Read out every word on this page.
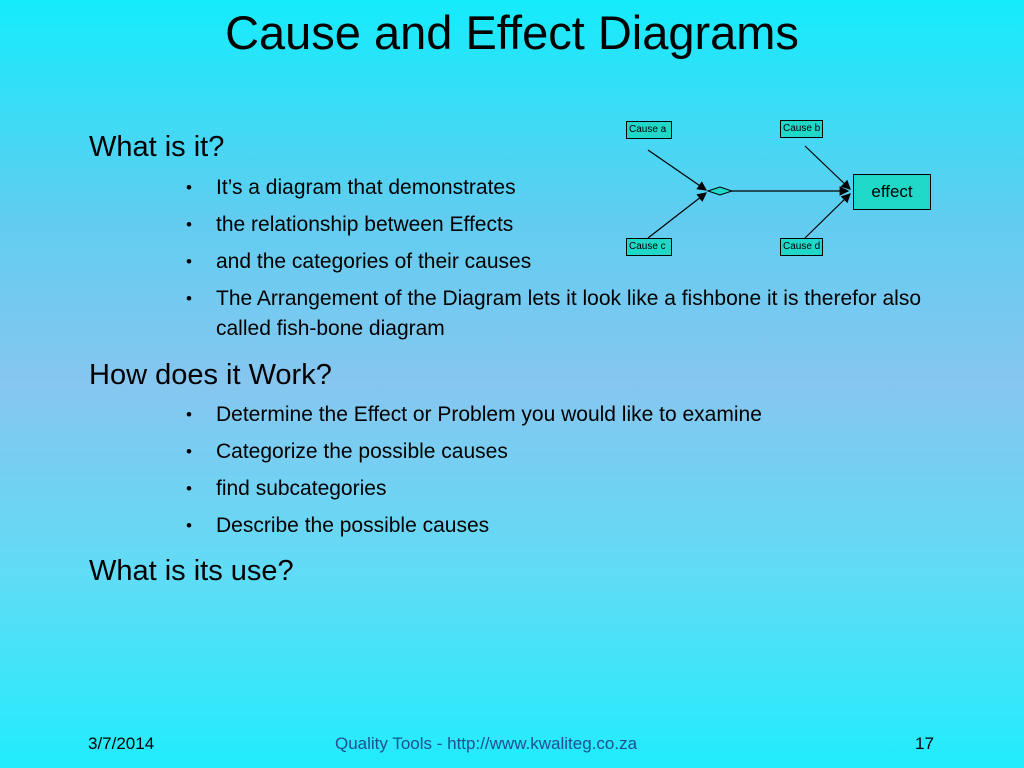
Cause and Effect Diagrams
What is it?
• It’s a diagram that demonstrates
• the relationship between Effects
• and the categories of their causes
• The Arrangement of the Diagram lets it look like a fishbone it is therefor also called fish-bone diagram
How does it Work?
• Determine the Effect or Problem you would like to examine
• Categorize the possible causes
• find subcategories
• Describe the possible causes
What is its use?
Cause a	Cause b
Cause c	Cause d
effect
3/7/2014	Quality Tools - http://www.kwaliteg.co.za	17
